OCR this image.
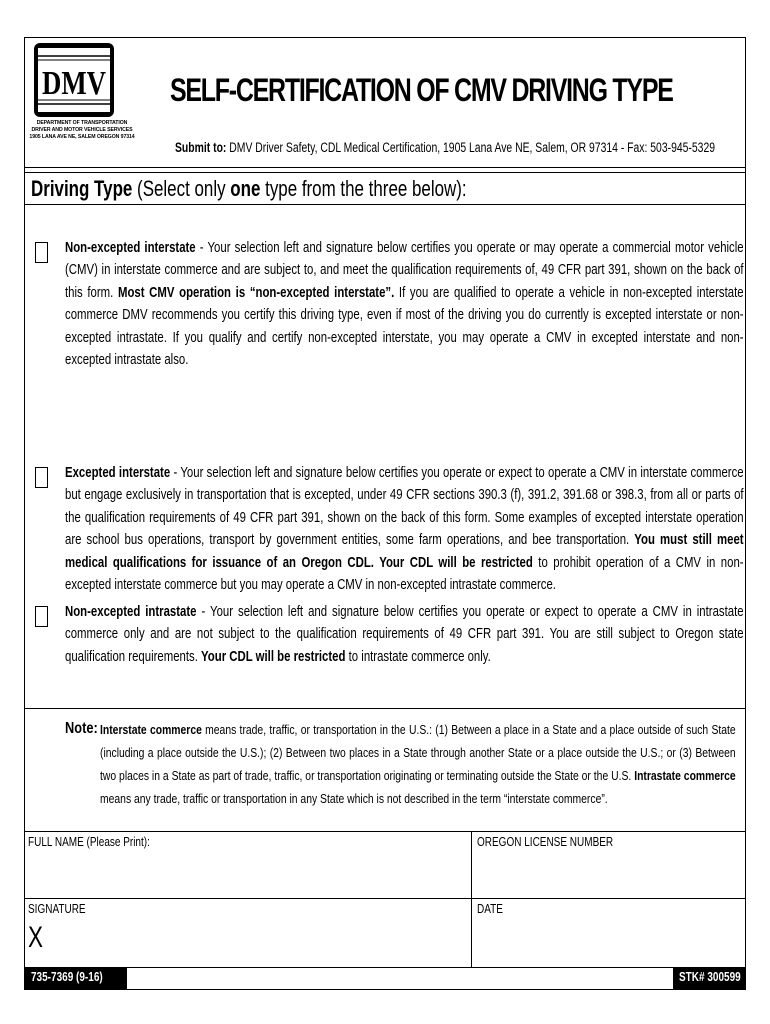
DMV
DEPARTMENT OF TRANSPORTATION
DRIVER AND MOTOR VEHICLE SERVICES
1905 LANA AVE NE, SALEM OREGON 97314
SELF-CERTIFICATION OF CMV DRIVING TYPE
Submit to: DMV Driver Safety, CDL Medical Certification, 1905 Lana Ave NE, Salem, OR 97314 - Fax: 503-945-5329
Driving Type (Select only one type from the three below):
Non-excepted interstate - Your selection left and signature below certifies you operate or may operate a commercial motor vehicle (CMV) in interstate commerce and are subject to, and meet the qualification requirements of, 49 CFR part 391, shown on the back of this form. Most CMV operation is “non-excepted interstate”. If you are qualified to operate a vehicle in non-excepted interstate commerce DMV recommends you certify this driving type, even if most of the driving you do currently is excepted interstate or non-excepted intrastate. If you qualify and certify non-excepted interstate, you may operate a CMV in excepted interstate and non-excepted intrastate also.
Excepted interstate - Your selection left and signature below certifies you operate or expect to operate a CMV in interstate commerce but engage exclusively in transportation that is excepted, under 49 CFR sections 390.3 (f), 391.2, 391.68 or 398.3, from all or parts of the qualification requirements of 49 CFR part 391, shown on the back of this form. Some examples of excepted interstate operation are school bus operations, transport by government entities, some farm operations, and bee transportation. You must still meet medical qualifications for issuance of an Oregon CDL. Your CDL will be restricted to prohibit operation of a CMV in non-excepted interstate commerce but you may operate a CMV in non-excepted intrastate commerce.
Non-excepted intrastate - Your selection left and signature below certifies you operate or expect to operate a CMV in intrastate commerce only and are not subject to the qualification requirements of 49 CFR part 391. You are still subject to Oregon state qualification requirements. Your CDL will be restricted to intrastate commerce only.
Note: Interstate commerce means trade, traffic, or transportation in the U.S.: (1) Between a place in a State and a place outside of such State (including a place outside the U.S.); (2) Between two places in a State through another State or a place outside the U.S.; or (3) Between two places in a State as part of trade, traffic, or transportation originating or terminating outside the State or the U.S. Intrastate commerce means any trade, traffic or transportation in any State which is not described in the term “interstate commerce”.
FULL NAME (Please Print):	OREGON LICENSE NUMBER
SIGNATURE
X
DATE
735-7369 (9-16)	STK# 300599
